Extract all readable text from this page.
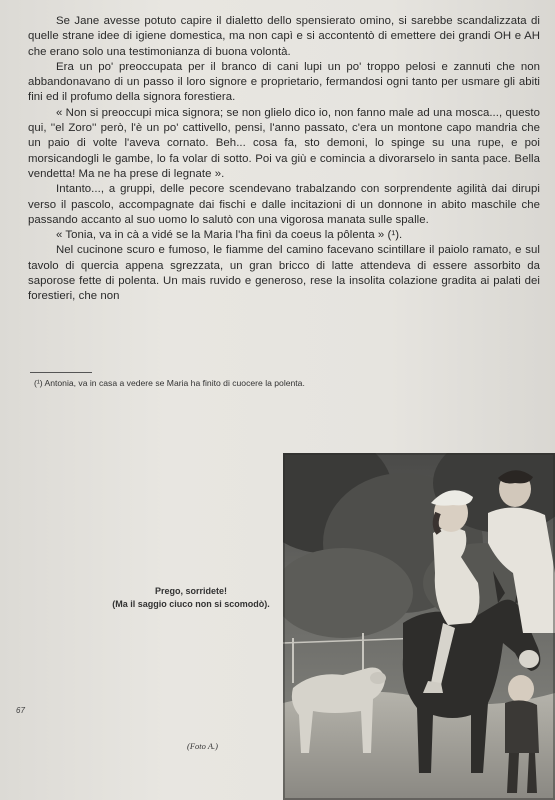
Se Jane avesse potuto capire il dialetto dello spensierato omino, si sarebbe scandalizzata di quelle strane idee di igiene domestica, ma non capì e si accontentò di emettere dei grandi OH e AH che erano solo una testimonianza di buona volontà.

Era un po' preoccupata per il branco di cani lupi un po' troppo pelosi e zannuti che non abbandonavano di un passo il loro signore e proprietario, fermandosi ogni tanto per usmare gli abiti fini ed il profumo della signora forestiera.

« Non si preoccupi mica signora; se non glielo dico io, non fanno male ad una mosca..., questo qui, ''el Zoro'' però, l'è un po' cattivello, pensi, l'anno passato, c'era un montone capo mandria che un paio di volte l'aveva cornato. Beh... cosa fa, sto demoni, lo spinge su una rupe, e poi morsicandogli le gambe, lo fa volar di sotto. Poi va giù e comincia a divorarselo in santa pace. Bella vendetta! Ma ne ha prese di legnate ».

Intanto..., a gruppi, delle pecore scendevano trabalzando con sorprendente agilità dai dirupi verso il pascolo, accompagnate dai fischi e dalle incitazioni di un donnone in abito maschile che passando accanto al suo uomo lo salutò con una vigorosa manata sulle spalle.

« Tonia, va in cà a vidé se la Maria l'ha finì da coeus la pôlenta » (¹).

Nel cucinone scuro e fumoso, le fiamme del camino facevano scintillare il paiolo ramato, e sul tavolo di quercia appena sgrezzata, un gran bricco di latte attendeva di essere assorbito da saporose fette di polenta. Un mais ruvido e generoso, rese la insolita colazione gradita ai palati dei forestieri, che non

(¹) Antonia, va in casa a vedere se Maria ha finito di cuocere la polenta.
Prego, sorridete!
(Ma il saggio ciuco non si scomodò).
67
(Foto A.)
